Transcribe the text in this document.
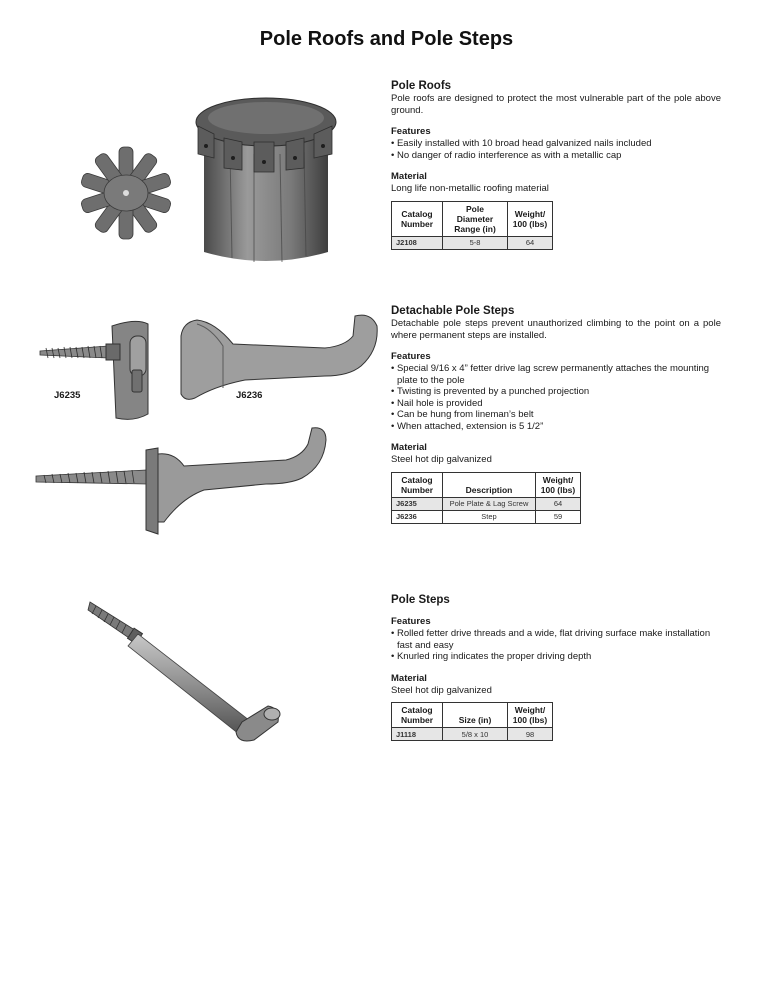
Pole Roofs and Pole Steps
J6235	J6236
Pole Roofs

Pole roofs are designed to protect the most vulnerable part of the pole above ground.

Features
• Easily installed with 10 broad head galvanized nails included
• No danger of radio interference as with a metallic cap
Material

Long life non-metallic roofing material

Catalog Number	Pole Diameter Range (in)	Weight/ 100 (lbs)
J2108	5-8	64
Detachable Pole Steps

Detachable pole steps prevent unauthorized climbing to the point on a pole where permanent steps are installed.

Features
• Special 9/16 x 4” fetter drive lag screw permanently attaches the mounting plate to the pole
• Twisting is prevented by a punched projection
• Nail hole is provided
• Can be hung from lineman’s belt
• When attached, extension is 5 1/2”
Material

Steel hot dip galvanized

Catalog Number	Description	Weight/ 100 (lbs)
J6235	Pole Plate & Lag Screw	64
J6236	Step	59
Pole Steps
Features
• Rolled fetter drive threads and a wide, flat driving surface make installation fast and easy
• Knurled ring indicates the proper driving depth
Material

Steel hot dip galvanized

Catalog Number	Size (in)	Weight/ 100 (lbs)
J1118	5/8 x 10	98
